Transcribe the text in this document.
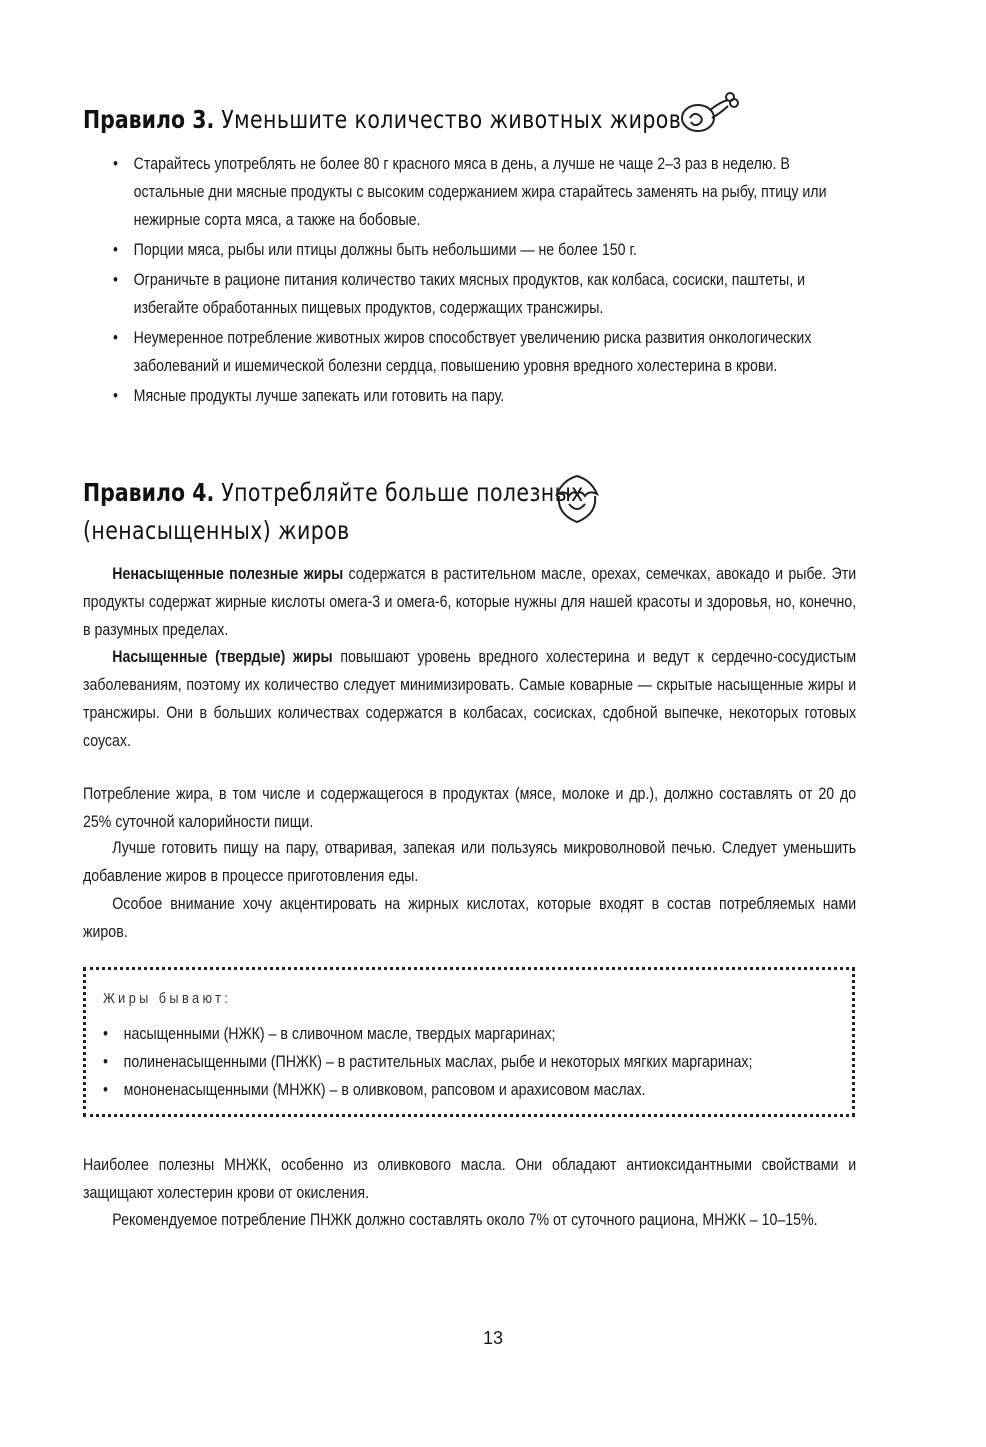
Правило 3. Уменьшите количество животных жиров
• Старайтесь употреблять не более 80 г красного мяса в день, а лучше не чаще 2–3 раз в неделю. В остальные дни мясные продукты с высоким содержанием жира старайтесь заменять на рыбу, птицу или нежирные сорта мяса, а также на бобовые.
• Порции мяса, рыбы или птицы должны быть небольшими — не более 150 г.
• Ограничьте в рационе питания количество таких мясных продуктов, как колбаса, сосиски, паштеты, и избегайте обработанных пищевых продуктов, содержащих трансжиры.
• Неумеренное потребление животных жиров способствует увеличению риска развития онкологических заболеваний и ишемической болезни сердца, повышению уровня вредного холестерина в крови.
• Мясные продукты лучше запекать или готовить на пару.
Правило 4. Употребляйте больше полезных
(ненасыщенных) жиров
Ненасыщенные полезные жиры содержатся в растительном масле, орехах, семечках, авокадо и рыбе. Эти продукты содержат жирные кислоты омега-3 и омега-6, которые нужны для нашей красоты и здоровья, но, конечно, в разумных пределах.
Насыщенные (твердые) жиры повышают уровень вредного холестерина и ведут к сердечно-сосудистым заболеваниям, поэтому их количество следует минимизировать. Самые коварные — скрытые насыщенные жиры и трансжиры. Они в больших количествах содержатся в колбасах, сосисках, сдобной выпечке, некоторых готовых соусах.
Потребление жира, в том числе и содержащегося в продуктах (мясе, молоке и др.), должно составлять от 20 до 25% суточной калорийности пищи.
Лучше готовить пищу на пару, отваривая, запекая или пользуясь микроволновой печью. Следует уменьшить добавление жиров в процессе приготовления еды.
Особое внимание хочу акцентировать на жирных кислотах, которые входят в состав потребляемых нами жиров.
Жиры бывают:
• насыщенными (НЖК) – в сливочном масле, твердых маргаринах;
• полиненасыщенными (ПНЖК) – в растительных маслах, рыбе и некоторых мягких маргаринах;
• мононенасыщенными (МНЖК) – в оливковом, рапсовом и арахисовом маслах.
Наиболее полезны МНЖК, особенно из оливкового масла. Они обладают антиоксидантными свойствами и защищают холестерин крови от окисления.
Рекомендуемое потребление ПНЖК должно составлять около 7% от суточного рациона, МНЖК – 10–15%.
13
